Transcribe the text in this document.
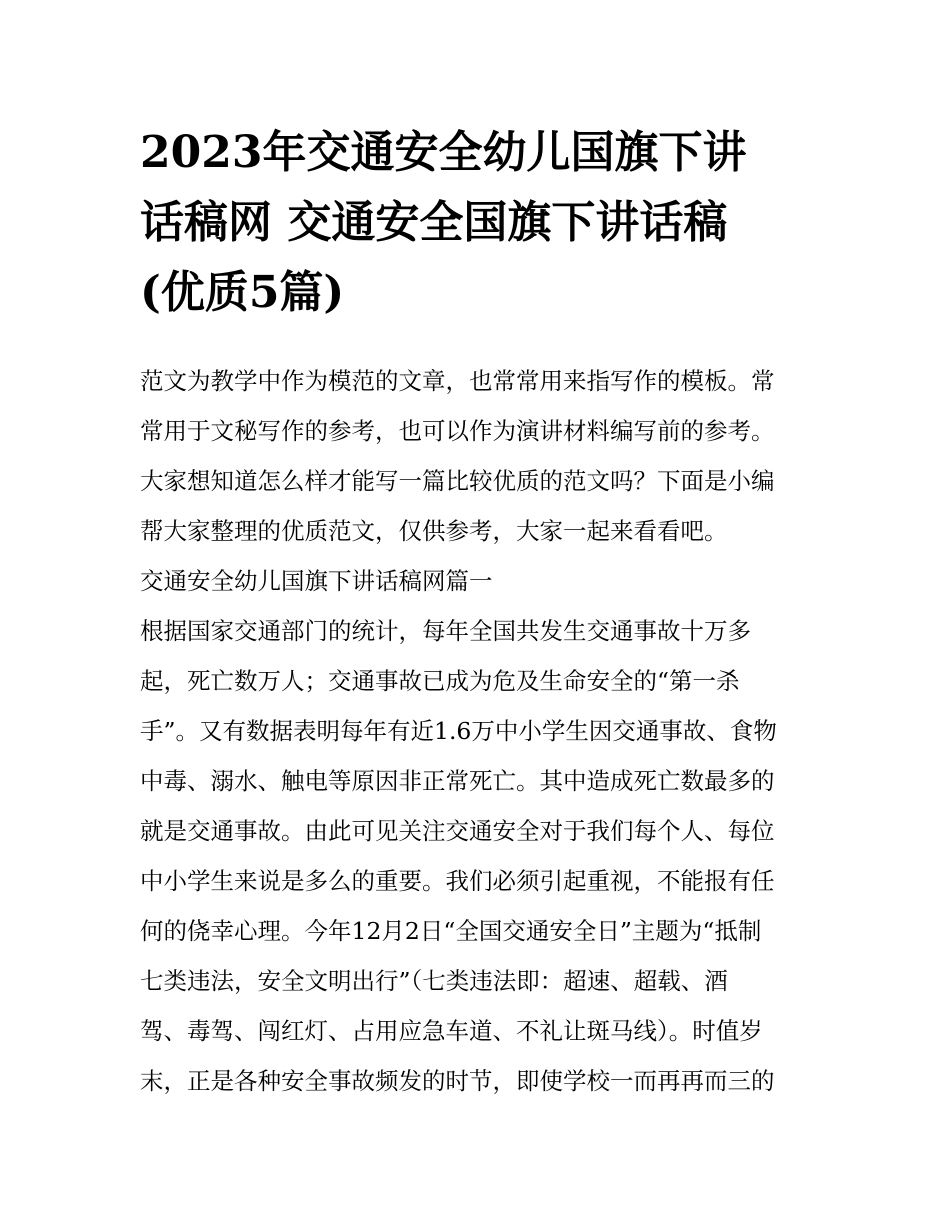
2023年交通安全幼儿国旗下讲
话稿网 交通安全国旗下讲话稿
(优质5篇)
范文为教学中作为模范的文章，也常常用来指写作的模板。常
常用于文秘写作的参考，也可以作为演讲材料编写前的参考。
大家想知道怎么样才能写一篇比较优质的范文吗？下面是小编
帮大家整理的优质范文，仅供参考，大家一起来看看吧。
交通安全幼儿国旗下讲话稿网篇一
根据国家交通部门的统计，每年全国共发生交通事故十万多
起，死亡数万人；交通事故已成为危及生命安全的“第一杀
手”。又有数据表明每年有近1.6万中小学生因交通事故、食物
中毒、溺水、触电等原因非正常死亡。其中造成死亡数最多的
就是交通事故。由此可见关注交通安全对于我们每个人、每位
中小学生来说是多么的重要。我们必须引起重视，不能报有任
何的侥幸心理。今年12月2日“全国交通安全日”主题为“抵制
七类违法，安全文明出行”（七类违法即：超速、超载、酒
驾、毒驾、闯红灯、占用应急车道、不礼让斑马线）。时值岁
末，正是各种安全事故频发的时节，即使学校一而再再而三的
